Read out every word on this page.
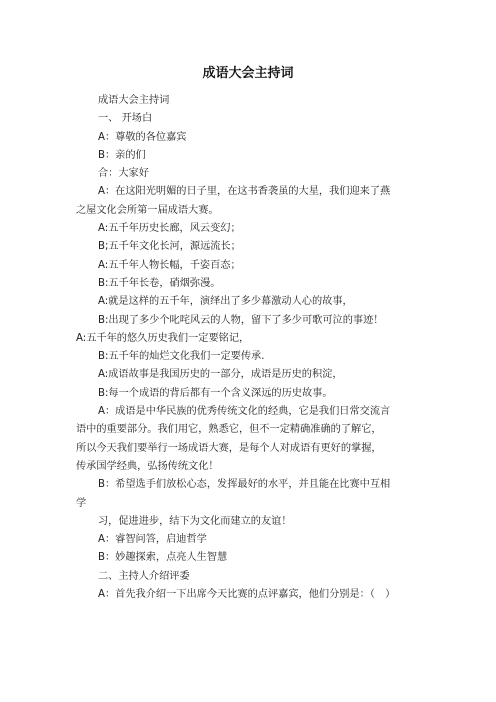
成语大会主持词
成语大会主持词
一、 开场白
A：尊敬的各位嘉宾
B：亲的们
合：大家好
A：在这阳光明媚的日子里，在这书香袭虽的大星，我们迎来了燕
之屋文化会所第一届成语大赛。
A:五千年历史长廊，风云变幻；
B;五千年文化长河，源远流长；
A:五千年人物长幅，千姿百态；
B:五千年长卷，硝烟弥漫。
A:就是这样的五千年，演绎出了多少幕激动人心的故事，
B:出现了多少个叱咤风云的人物，留下了多少可歌可泣的事迹！
A:五千年的悠久历史我们一定要铭记，
B:五千年的灿烂文化我们一定要传承.
A:成语故事是我国历史的一部分，成语是历史的积淀，
B:每一个成语的背后都有一个含义深远的历史故事。
A：成语是中华民族的优秀传统文化的经典，它是我们日常交流言
语中的重要部分。我们用它，熟悉它，但不一定精确准确的了解它，
所以今天我们要举行一场成语大赛，是每个人对成语有更好的掌握，
传承国学经典，弘扬传统文化！
B：希望选手们放松心态，发挥最好的水平，并且能在比赛中互相
学
习，促进进步，结下为文化而建立的友谊！
A：睿智问答，启迪哲学
B：妙趣探索，点亮人生智慧
二、主持人介绍评委
A：首先我介绍一下出席今天比赛的点评嘉宾，他们分别是：（　）
